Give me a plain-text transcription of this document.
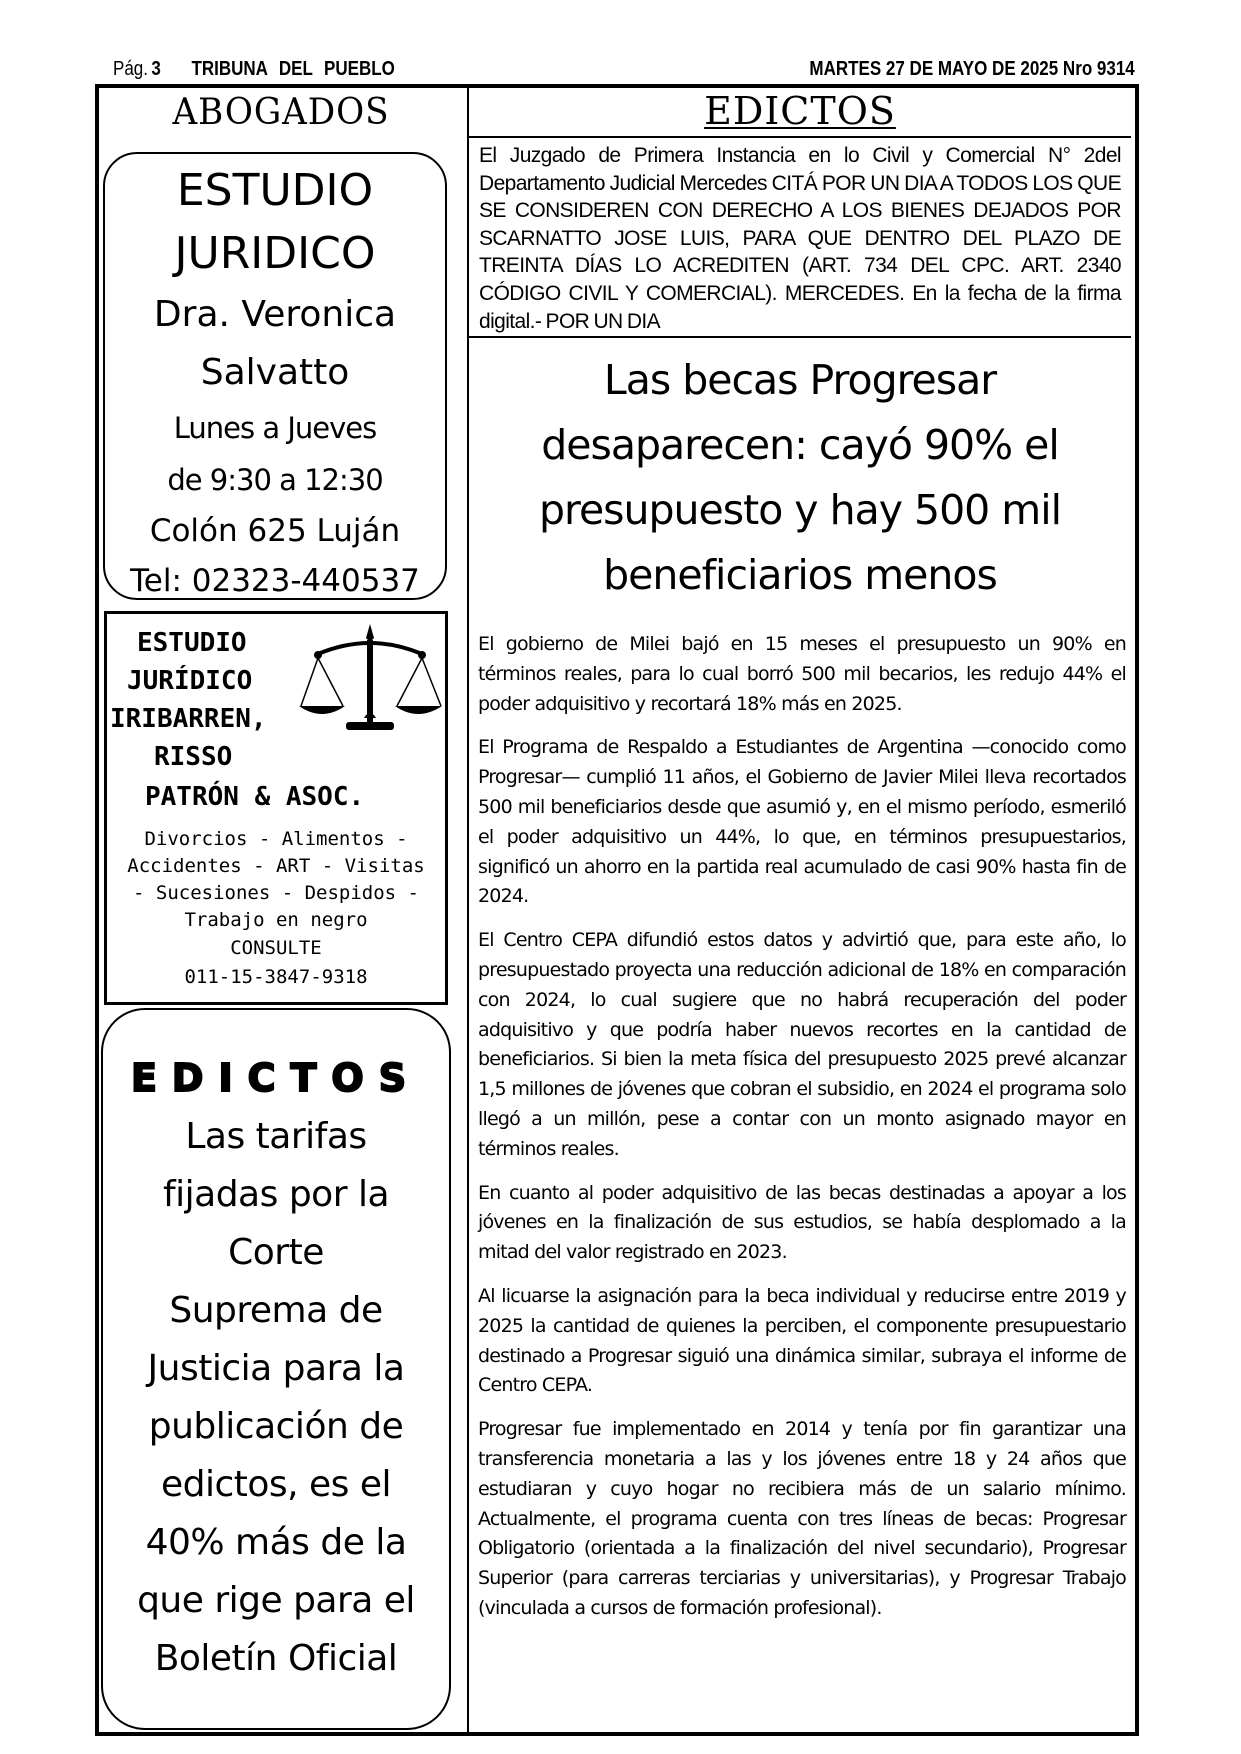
Pág. 3 TRIBUNA DEL PUEBLO	MARTES 27 DE MAYO DE 2025 Nro 9314
ABOGADOS
ESTUDIO
JURIDICO
Dra. Veronica
Salvatto
Lunes a Jueves
de 9:30 a 12:30
Colón 625 Luján
Tel: 02323-440537
ESTUDIO
JURÍDICO
IRIBARREN,
RISSO
PATRÓN & ASOC.
Divorcios - Alimentos -
Accidentes - ART - Visitas
- Sucesiones - Despidos -
Trabajo en negro
CONSULTE
011-15-3847-9318
EDICTOS
Las tarifas
fijadas por la
Corte
Suprema de
Justicia para la
publicación de
edictos, es el
40% más de la
que rige para el
Boletín Oficial
EDICTOS

El Juzgado de Primera Instancia en lo Civil y Comercial N° 2del Departamento Judicial Mercedes CITÁ POR UN DIA A TODOS LOS QUE SE CONSIDEREN CON DERECHO A LOS BIENES DEJADOS POR SCARNATTO JOSE LUIS, PARA QUE DENTRO DEL PLAZO DE TREINTA DÍAS LO ACREDITEN (ART. 734 DEL CPC. ART. 2340 CÓDIGO CIVIL Y COMERCIAL). MERCEDES. En la fecha de la firma digital.- POR UN DIA

Las becas Progresar desaparecen: cayó 90% el presupuesto y hay 500 mil beneficiarios menos

El gobierno de Milei bajó en 15 meses el presupuesto un 90% en términos reales, para lo cual borró 500 mil becarios, les redujo 44% el poder adquisitivo y recortará 18% más en 2025.

El Programa de Respaldo a Estudiantes de Argentina —conocido como Progresar— cumplió 11 años, el Gobierno de Javier Milei lleva recortados 500 mil beneficiarios desde que asumió y, en el mismo período, esmeriló el poder adquisitivo un 44%, lo que, en términos presupuestarios, significó un ahorro en la partida real acumulado de casi 90% hasta fin de 2024.

El Centro CEPA difundió estos datos y advirtió que, para este año, lo presupuestado proyecta una reducción adicional de 18% en comparación con 2024, lo cual sugiere que no habrá recuperación del poder adquisitivo y que podría haber nuevos recortes en la cantidad de beneficiarios. Si bien la meta física del presupuesto 2025 prevé alcanzar 1,5 millones de jóvenes que cobran el subsidio, en 2024 el programa solo llegó a un millón, pese a contar con un monto asignado mayor en términos reales.

En cuanto al poder adquisitivo de las becas destinadas a apoyar a los jóvenes en la finalización de sus estudios, se había desplomado a la mitad del valor registrado en 2023.

Al licuarse la asignación para la beca individual y reducirse entre 2019 y 2025 la cantidad de quienes la perciben, el componente presupuestario destinado a Progresar siguió una dinámica similar, subraya el informe de Centro CEPA.

Progresar fue implementado en 2014 y tenía por fin garantizar una transferencia monetaria a las y los jóvenes entre 18 y 24 años que estudiaran y cuyo hogar no recibiera más de un salario mínimo. Actualmente, el programa cuenta con tres líneas de becas: Progresar Obligatorio (orientada a la finalización del nivel secundario), Progresar Superior (para carreras terciarias y universitarias), y Progresar Trabajo (vinculada a cursos de formación profesional).
